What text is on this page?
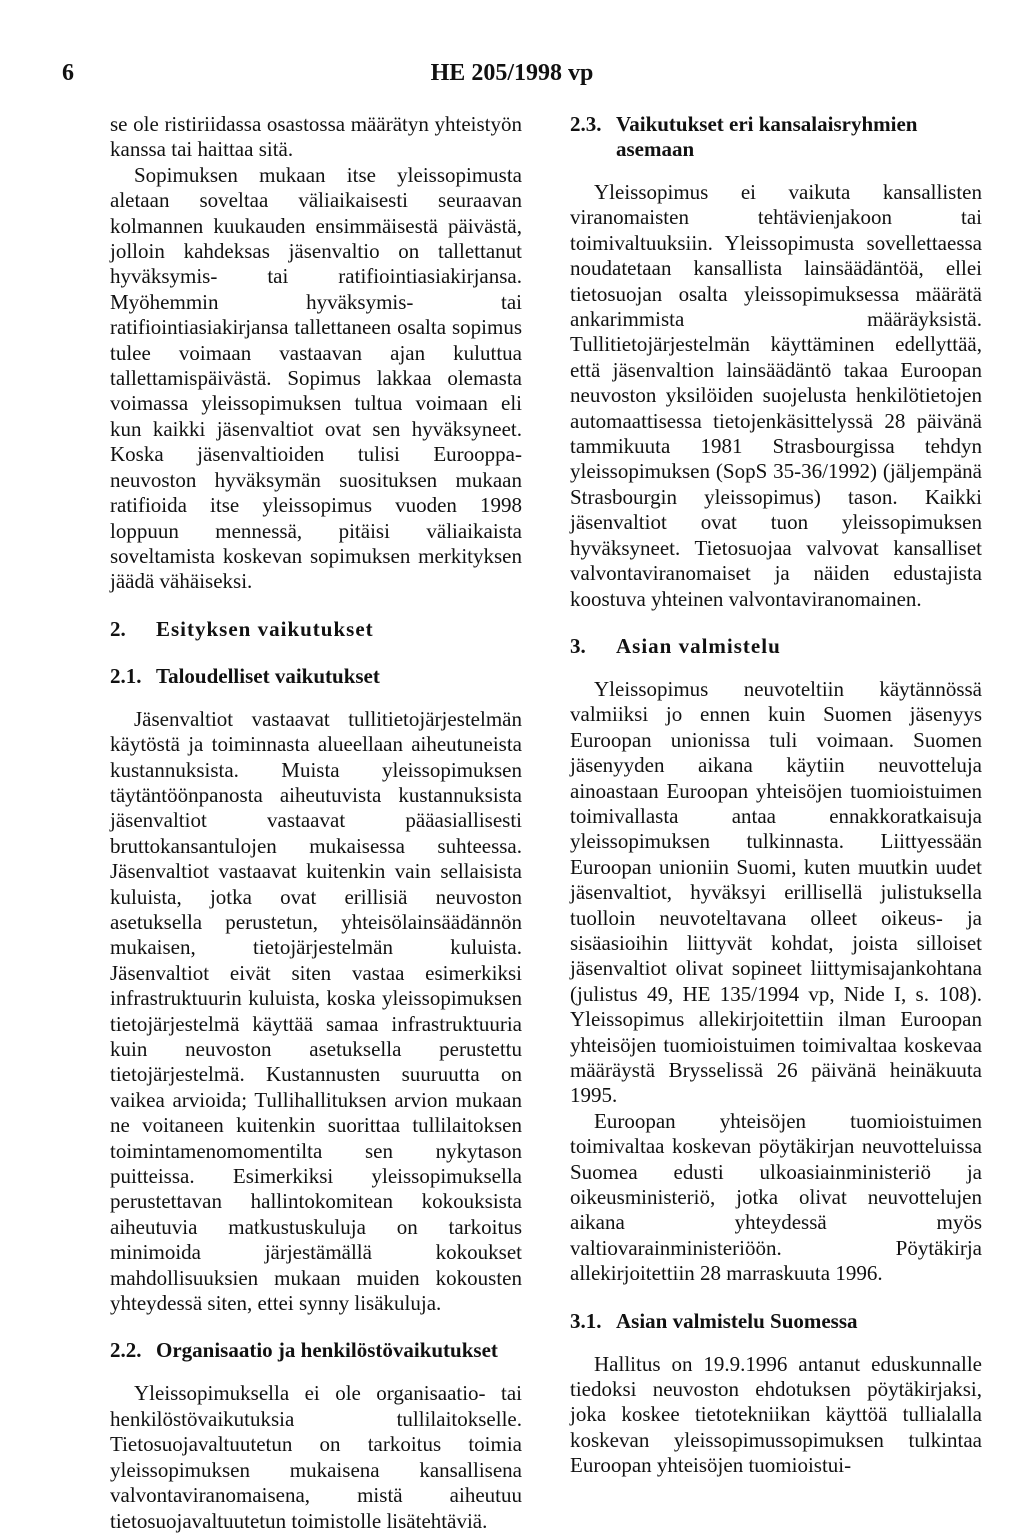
6	HE 205/1998 vp

se ole ristiriidassa osastossa määrätyn yhteistyön kanssa tai haittaa sitä.

Sopimuksen mukaan itse yleissopimusta aletaan soveltaa väliaikaisesti seuraavan kolmannen kuukauden ensimmäisestä päivästä, jolloin kahdeksas jäsenvaltio on tallettanut hyväksymis- tai ratifiointiasiakirjansa. Myöhemmin hyväksymis- tai ratifiointiasiakirjansa tallettaneen osalta sopimus tulee voimaan vastaavan ajan kuluttua tallettamispäivästä. Sopimus lakkaa olemasta voimassa yleissopimuksen tultua voimaan eli kun kaikki jäsenvaltiot ovat sen hyväksyneet. Koska jäsenvaltioiden tulisi Eurooppa-neuvoston hyväksymän suosituksen mukaan ratifioida itse yleissopimus vuoden 1998 loppuun mennessä, pitäisi väliaikaista soveltamista koskevan sopimuksen merkityksen jäädä vähäiseksi.

2.	Esityksen vaikutukset
2.1. Taloudelliset vaikutukset

Jäsenvaltiot vastaavat tullitietojärjestelmän käytöstä ja toiminnasta alueellaan aiheutuneista kustannuksista. Muista yleissopimuksen täytäntöönpanosta aiheutuvista kustannuksista jäsenvaltiot vastaavat pääasiallisesti bruttokansantulojen mukaisessa suhteessa. Jäsenvaltiot vastaavat kuitenkin vain sellaisista kuluista, jotka ovat erillisiä neuvoston asetuksella perustetun, yhteisölainsäädännön mukaisen, tietojärjestelmän kuluista. Jäsenvaltiot eivät siten vastaa esimerkiksi infrastruktuurin kuluista, koska yleissopimuksen tietojärjestelmä käyttää samaa infrastruktuuria kuin neuvoston asetuksella perustettu tietojärjestelmä. Kustannusten suuruutta on vaikea arvioida; Tullihallituksen arvion mukaan ne voitaneen kuitenkin suorittaa tullilaitoksen toimintamenomomentilta sen nykytason puitteissa. Esimerkiksi yleissopimuksella perustettavan hallintokomitean kokouksista aiheutuvia matkustuskuluja on tarkoitus minimoida järjestämällä kokoukset mahdollisuuksien mukaan muiden kokousten yhteydessä siten, ettei synny lisäkuluja.

2.2. Organisaatio ja henkilöstövaikutukset

Yleissopimuksella ei ole organisaatio- tai henkilöstövaikutuksia tullilaitokselle. Tietosuojavaltuutetun on tarkoitus toimia yleissopimuksen mukaisena kansallisena valvontaviranomaisena, mistä aiheutuu tietosuojavaltuutetun toimistolle lisätehtäviä.

2.3. Vaikutukset eri kansalaisryhmien asemaan

Yleissopimus ei vaikuta kansallisten viranomaisten tehtävienjakoon tai toimivaltuuksiin. Yleissopimusta sovellettaessa noudatetaan kansallista lainsäädäntöä, ellei tietosuojan osalta yleissopimuksessa määrätä ankarimmista määräyksistä. Tullitietojärjestelmän käyttäminen edellyttää, että jäsenvaltion lainsäädäntö takaa Euroopan neuvoston yksilöiden suojelusta henkilötietojen automaattisessa tietojenkäsittelyssä 28 päivänä tammikuuta 1981 Strasbourgissa tehdyn yleissopimuksen (SopS 35-36/1992) (jäljempänä Strasbourgin yleissopimus) tason. Kaikki jäsenvaltiot ovat tuon yleissopimuksen hyväksyneet. Tietosuojaa valvovat kansalliset valvontaviranomaiset ja näiden edustajista koostuva yhteinen valvontaviranomainen.

3.	Asian valmistelu

Yleissopimus neuvoteltiin käytännössä valmiiksi jo ennen kuin Suomen jäsenyys Euroopan unionissa tuli voimaan. Suomen jäsenyyden aikana käytiin neuvotteluja ainoastaan Euroopan yhteisöjen tuomioistuimen toimivallasta antaa ennakkoratkaisuja yleissopimuksen tulkinnasta. Liittyessään Euroopan unioniin Suomi, kuten muutkin uudet jäsenvaltiot, hyväksyi erillisellä julistuksella tuolloin neuvoteltavana olleet oikeus- ja sisäasioihin liittyvät kohdat, joista silloiset jäsenvaltiot olivat sopineet liittymisajankohtana (julistus 49, HE 135/1994 vp, Nide I, s. 108). Yleissopimus allekirjoitettiin ilman Euroopan yhteisöjen tuomioistuimen toimivaltaa koskevaa määräystä Brysselissä 26 päivänä heinäkuuta 1995.

Euroopan yhteisöjen tuomioistuimen toimivaltaa koskevan pöytäkirjan neuvotteluissa Suomea edusti ulkoasiainministeriö ja oikeusministeriö, jotka olivat neuvottelujen aikana yhteydessä myös valtiovarainministeriöön. Pöytäkirja allekirjoitettiin 28 marraskuuta 1996.

3.1. Asian valmistelu Suomessa

Hallitus on 19.9.1996 antanut eduskunnalle tiedoksi neuvoston ehdotuksen pöytäkirjaksi, joka koskee tietotekniikan käyttöä tullialalla koskevan yleissopimussopimuksen tulkintaa Euroopan yhteisöjen tuomioistui-
